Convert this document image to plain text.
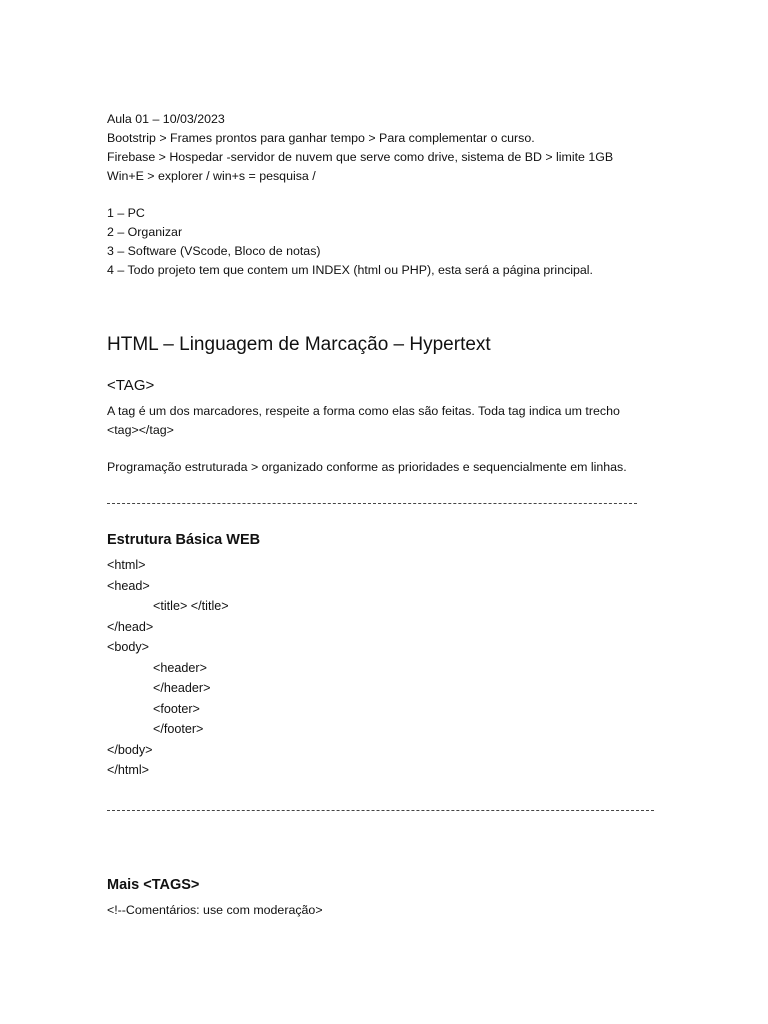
Aula 01 – 10/03/2023
Bootstrip > Frames prontos para ganhar tempo > Para complementar o curso.
Firebase > Hospedar -servidor de nuvem que serve como drive, sistema de BD > limite 1GB
Win+E > explorer / win+s = pesquisa /
1 – PC
2 – Organizar
3 – Software (VScode, Bloco de notas)
4 – Todo projeto tem que contem um INDEX (html ou PHP), esta será a página principal.
HTML – Linguagem de Marcação – Hypertext
<TAG>
A tag é um dos marcadores, respeite a forma como elas são feitas. Toda tag indica um trecho
<tag></tag>
Programação estruturada > organizado conforme as prioridades e sequencialmente em linhas.
Estrutura Básica WEB
<html>
<head>
<title> </title>
</head>
<body>
<header>
</header>
<footer>
</footer>
</body>
</html>
Mais <TAGS>
<!--Comentários: use com moderação>
